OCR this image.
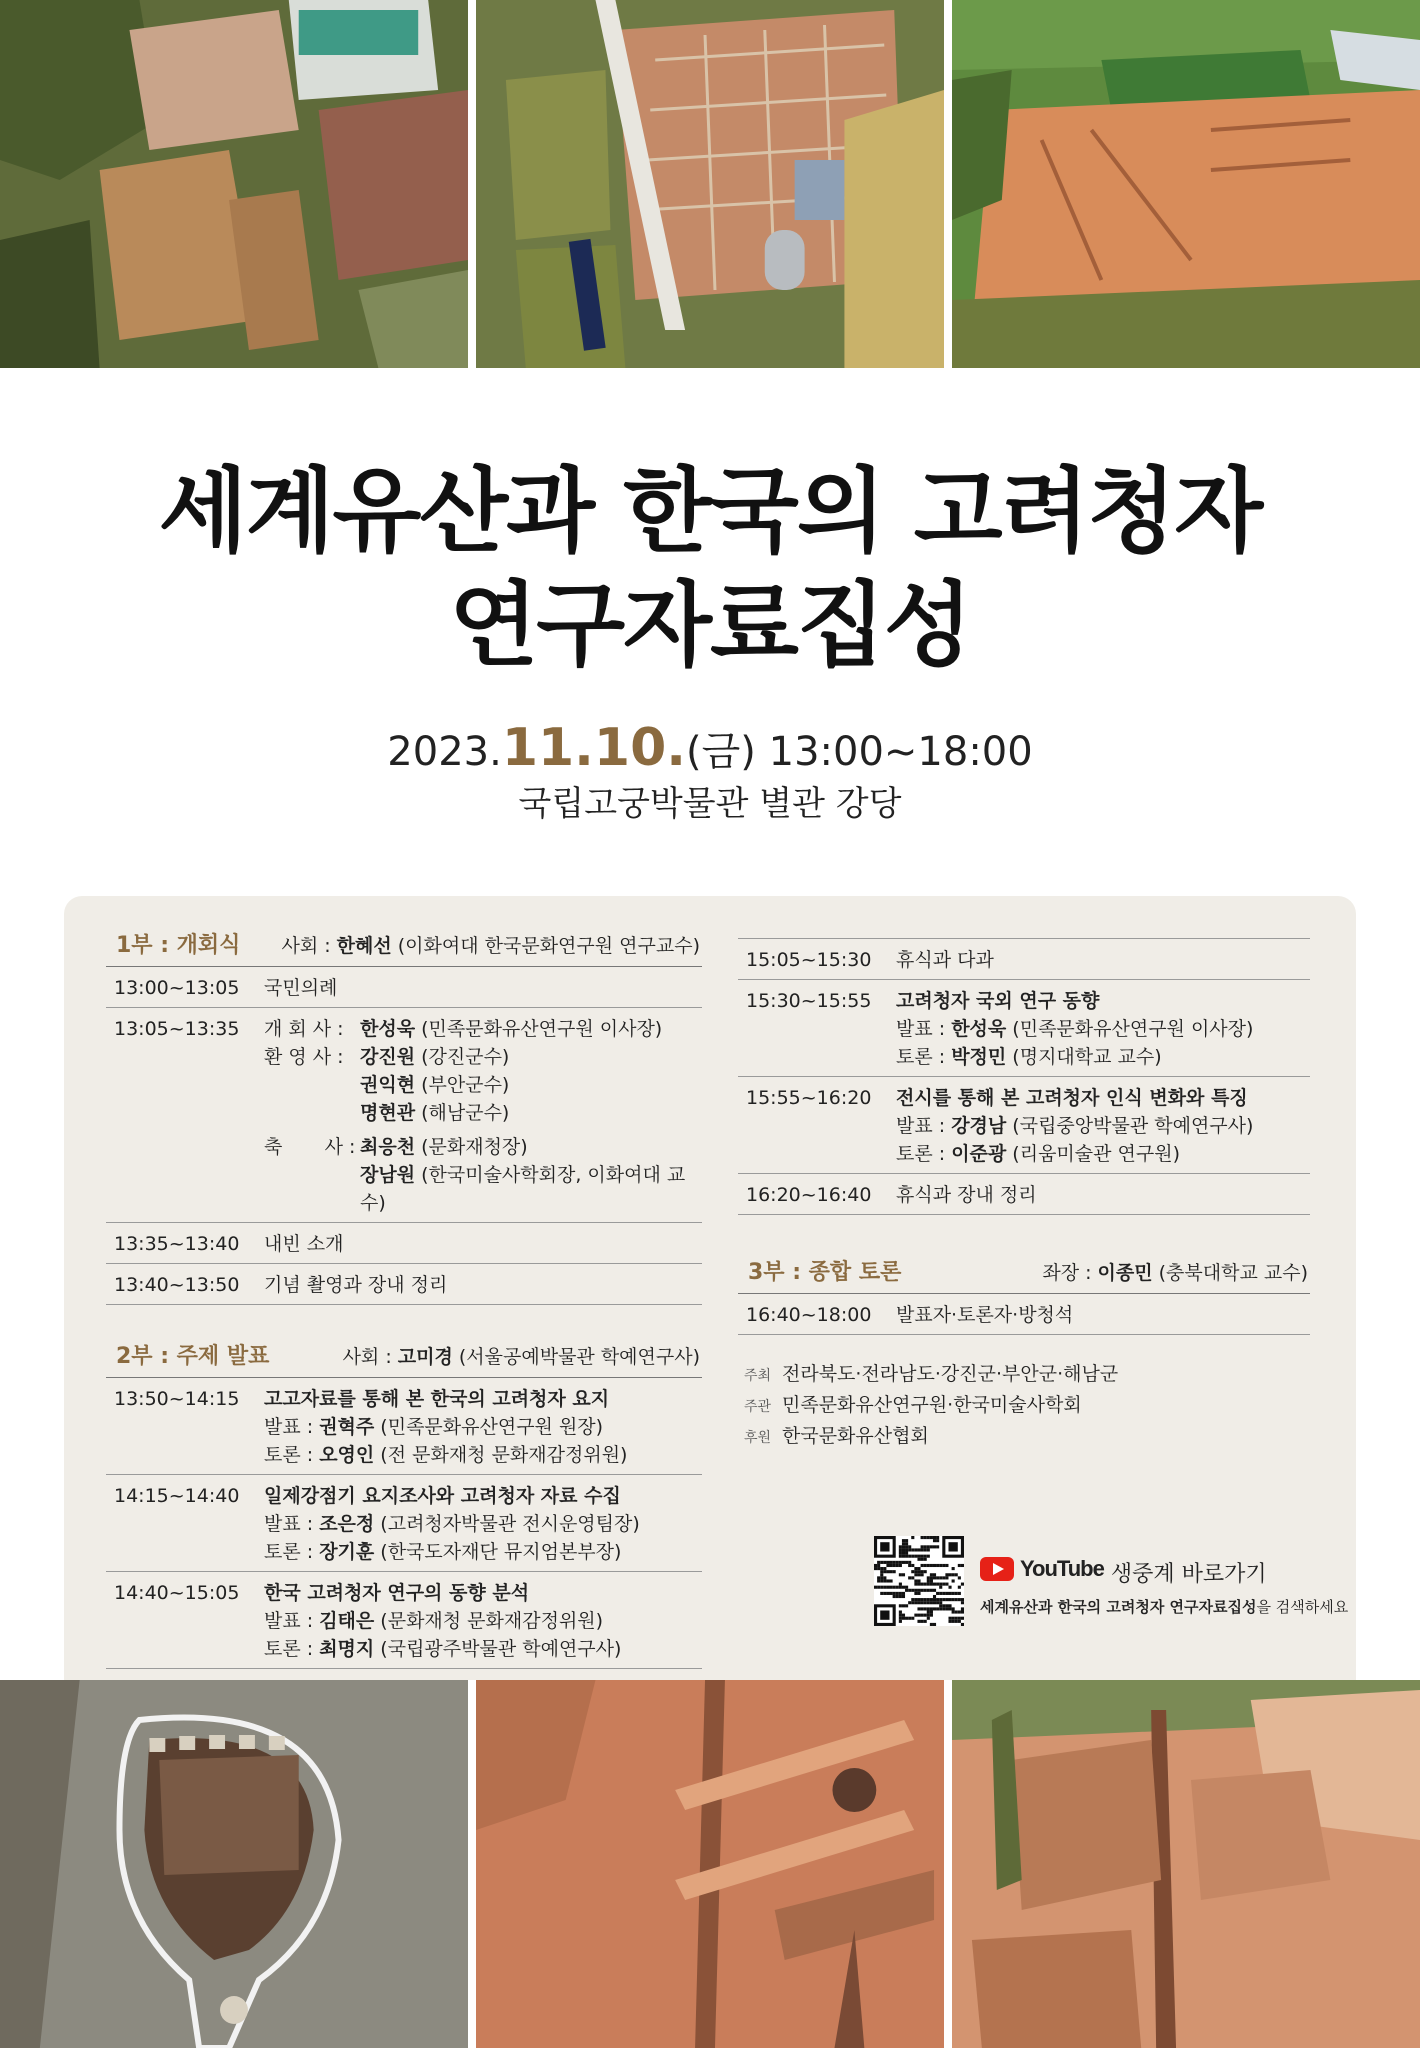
세계유산과 한국의 고려청자
연구자료집성
2023.11.10.(금) 13:00~18:00
국립고궁박물관 별관 강당
1부 : 개회식 사회 : 한혜선 (이화여대 한국문화연구원 연구교수)
13:00~13:05	국민의례
13:05~13:35	개 회 사 :한성욱 (민족문화유산연구원 이사장)
환 영 사 :강진원 (강진군수)
권익현 (부안군수)
명현관 (해남군수)
축       사 : 최응천 (문화재청장)
장남원 (한국미술사학회장, 이화여대 교수)
13:35~13:40	내빈 소개
13:40~13:50	기념 촬영과 장내 정리
2부 : 주제 발표	사회 : 고미경 (서울공예박물관 학예연구사)
13:50~14:15	고고자료를 통해 본 한국의 고려청자 요지
발표 : 권혁주 (민족문화유산연구원 원장)
토론 : 오영인 (전 문화재청 문화재감정위원)
14:15~14:40	일제강점기 요지조사와 고려청자 자료 수집
발표 : 조은정 (고려청자박물관 전시운영팀장)
토론 : 장기훈 (한국도자재단 뮤지엄본부장)
14:40~15:05	한국 고려청자 연구의 동향 분석
발표 : 김태은 (문화재청 문화재감정위원)
토론 : 최명지 (국립광주박물관 학예연구사)
15:05~15:30	휴식과 다과
15:30~15:55	고려청자 국외 연구 동향
발표 : 한성욱 (민족문화유산연구원 이사장)
토론 : 박정민 (명지대학교 교수)
15:55~16:20	전시를 통해 본 고려청자 인식 변화와 특징
발표 : 강경남 (국립중앙박물관 학예연구사)
토론 : 이준광 (리움미술관 연구원)
16:20~16:40	휴식과 장내 정리
3부 : 종합 토론	좌장 : 이종민 (충북대학교 교수)
16:40~18:00	발표자·토론자·방청석
주최 전라북도·전라남도·강진군·부안군·해남군
주관 민족문화유산연구원·한국미술사학회
후원 한국문화유산협회
YouTube 생중계 바로가기
세계유산과 한국의 고려청자 연구자료집성을 검색하세요
